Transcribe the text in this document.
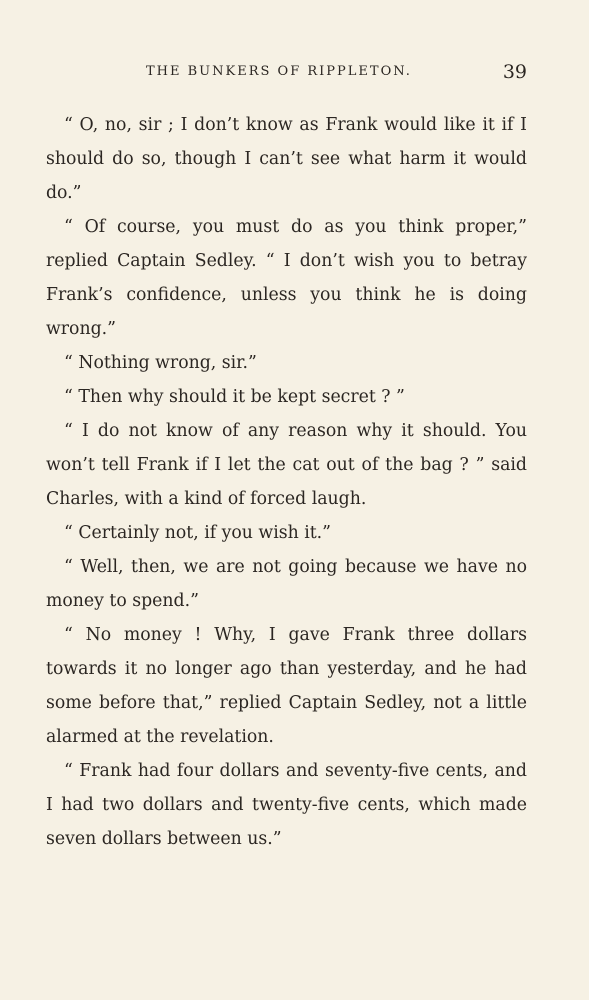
THE BUNKERS OF RIPPLETON.	39

“ O, no, sir ; I don’t know as Frank would like it if I should do so, though I can’t see what harm it would do.”

“ Of course, you must do as you think proper,” replied Captain Sedley. “ I don’t wish you to betray Frank’s confidence, unless you think he is doing wrong.”

“ Nothing wrong, sir.”

“ Then why should it be kept secret ? ”

“ I do not know of any reason why it should. You won’t tell Frank if I let the cat out of the bag ? ” said Charles, with a kind of forced laugh.

“ Certainly not, if you wish it.”

“ Well, then, we are not going because we have no money to spend.”

“ No money ! Why, I gave Frank three dollars towards it no longer ago than yesterday, and he had some before that,” replied Captain Sedley, not a little alarmed at the revelation.

“ Frank had four dollars and seventy-five cents, and I had two dollars and twenty-five cents, which made seven dollars between us.”
